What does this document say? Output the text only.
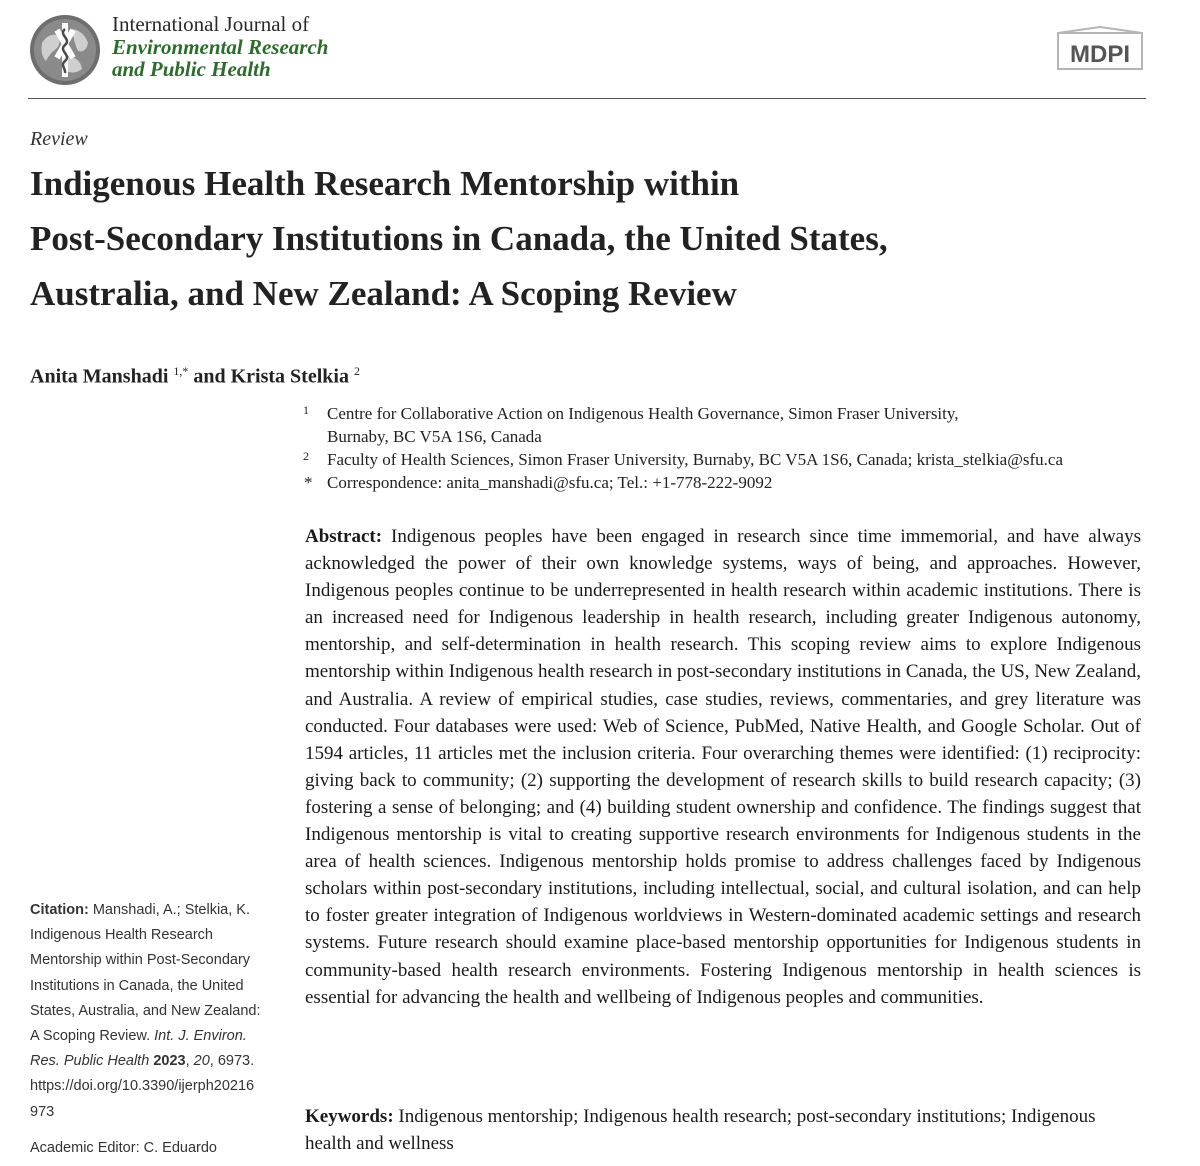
International Journal of
Environmental Research
and Public Health
MDPI
Review
Indigenous Health Research Mentorship within
Post-Secondary Institutions in Canada, the United States,
Australia, and New Zealand: A Scoping Review
Anita Manshadi $^{1,*}$ and Krista Stelkia $^2$
1 Centre for Collaborative Action on Indigenous Health Governance, Simon Fraser University,
Burnaby, BC V5A 1S6, Canada
2 Faculty of Health Sciences, Simon Fraser University, Burnaby, BC V5A 1S6, Canada; krista_stelkia@sfu.ca
* Correspondence: anita_manshadi@sfu.ca; Tel.: +1-778-222-9092
Abstract: Indigenous peoples have been engaged in research since time immemorial, and have always acknowledged the power of their own knowledge systems, ways of being, and approaches. However, Indigenous peoples continue to be underrepresented in health research within academic institutions. There is an increased need for Indigenous leadership in health research, including greater Indigenous autonomy, mentorship, and self-determination in health research. This scoping review aims to explore Indigenous mentorship within Indigenous health research in post-secondary institutions in Canada, the US, New Zealand, and Australia. A review of empirical studies, case studies, reviews, commentaries, and grey literature was conducted. Four databases were used: Web of Science, PubMed, Native Health, and Google Scholar. Out of 1594 articles, 11 articles met the inclusion criteria. Four overarching themes were identified: (1) reciprocity: giving back to community; (2) supporting the development of research skills to build research capacity; (3) fostering a sense of belonging; and (4) building student ownership and confidence. The findings suggest that Indigenous mentorship is vital to creating supportive research environments for Indigenous students in the area of health sciences. Indigenous mentorship holds promise to address challenges faced by Indigenous scholars within post-secondary institutions, including intellectual, social, and cultural isolation, and can help to foster greater integration of Indigenous worldviews in Western-dominated academic settings and research systems. Future research should examine place-based mentorship opportunities for Indigenous students in community-based health research environments. Fostering Indigenous mentorship in health sciences is essential for advancing the health and wellbeing of Indigenous peoples and communities.
Keywords: Indigenous mentorship; Indigenous health research; post-secondary institutions; Indigenous health and wellness
Citation: Manshadi, A.; Stelkia, K. Indigenous Health Research Mentorship within Post-Secondary Institutions in Canada, the United States, Australia, and New Zealand: A Scoping Review. Int. J. Environ. Res. Public Health 2023, 20, 6973. https://doi.org/10.3390/ijerph20216973
Academic Editor: C. Eduardo
